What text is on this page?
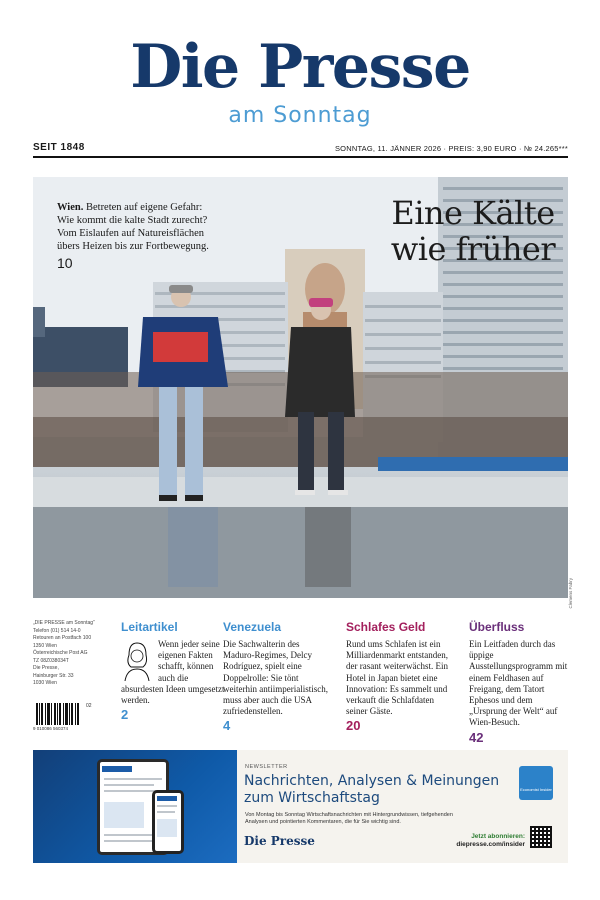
Die Presse
am Sonntag
SEIT 1848	SONNTAG, 11. JÄNNER 2026 · PREIS: 3,90 EURO · № 24.265***
Wien. Betreten auf eigene Gefahr: Wie kommt die kalte Stadt zurecht? Vom Eislaufen auf Natureisflächen übers Heizen bis zur Fortbewegung.
10
Eine Kälte
wie früher
Clemens Fabry
„DIE PRESSE am Sonntag“
Telefon (01) 514 14-0
Retouren an Postfach 100
1350 Wien
Österreichische Post AG
TZ 08Z038034T
Die Presse,
Hainburger Str. 33
1030 Wien
02
9 010086 560374
Leitartikel
Wenn jeder seine eigenen Fakten schafft, können auch die absurdesten Ideen umgesetzt werden.
2
Venezuela
Die Sachwalterin des Maduro-Regimes, Delcy Rodríguez, spielt eine Doppelrolle: Sie tönt weiterhin antiimperialistisch, muss aber auch die USA zufriedenstellen.
4
Schlafes Geld
Rund ums Schlafen ist ein Milliardenmarkt entstanden, der rasant weiterwächst. Ein Hotel in Japan bietet eine Innovation: Es sammelt und verkauft die Schlafdaten seiner Gäste.
20
Überfluss
Ein Leitfaden durch das üppige Ausstellungsprogramm mit einem Feldhasen auf Freigang, dem Tatort Ephesos und dem „Ursprung der Welt“ auf Wien-Besuch.
42
NEWSLETTER
Nachrichten, Analysen & Meinungen zum Wirtschaftstag
Von Montag bis Sonntag Wirtschaftsnachrichten mit Hintergrundwissen, tiefgehenden Analysen und pointierten Kommentaren, die für Sie wichtig sind.
Die Presse
Economist Insider
Jetzt abonnieren:
diepresse.com/insider
